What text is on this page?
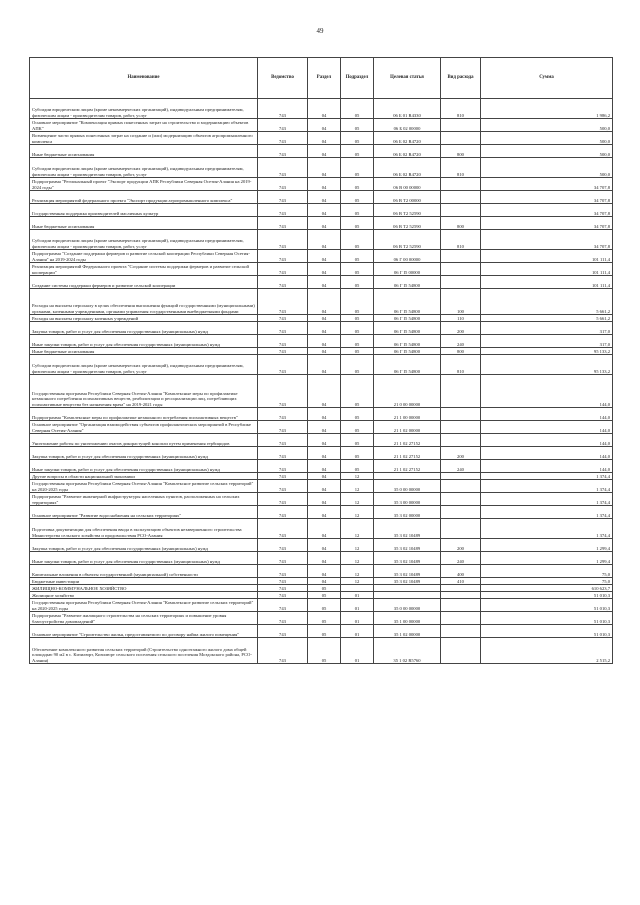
49
Наименование	Ведомство	Раздел	Подраздел	Целевая статья	Вид расхода	Сумма
Субсидии юридическим лицам (кроме некоммерческих организаций), индивидуальным предпринимателям, физическим лицам - производителям товаров, работ, услуг	743	04	05	06 Б 01 R4330	810	1 986,2
Основное мероприятие "Компенсация прямых понесенных затрат на строительство и модернизацию объектов АПК"	743	04	05	06 Б 02 00000		500,0
Возмещение части прямых понесенных затрат на создание и (или) модернизацию объектов агропромышленного комплекса	743	04	05	06 Б 02 R4720		500,0
Иные бюджетные ассигнования	743	04	05	06 Б 02 R4720	800	500,0
Субсидии юридическим лицам (кроме некоммерческих организаций), индивидуальным предпринимателям, физическим лицам - производителям товаров, работ, услуг	743	04	05	06 Б 02 R4720	810	500,0
Подпрограмма "Региональный проект "Экспорт продукции АПК Республики Северная Осетия-Алания на 2019-2024 годы"	743	04	05	06 В 00 00000		34 707,8
Реализация мероприятий федерального проекта "Экспорт продукции агропромышленного комплекса"	743	04	05	06 В T2 00000		34 707,8
Государственная поддержка производителей масличных культур	743	04	05	06 В T2 52590		34 707,8
Иные бюджетные ассигнования	743	04	05	06 В T2 52590	800	34 707,8
Субсидии юридическим лицам (кроме некоммерческих организаций), индивидуальным предпринимателям, физическим лицам - производителям товаров, работ, услуг	743	04	05	06 В T2 52590	810	34 707,8
Подпрограмма "Создание поддержки фермеров и развитие сельской кооперации Республики Северная Осетия-Алания" на 2019-2024 годы	743	04	05	06 Г 00 00000		101 111,4
Реализация мероприятий Федерального проекта "Создание системы поддержки фермеров и развитие сельской кооперации"	743	04	05	06 Г I5 00000		101 111,4
Создание системы поддержки фермеров и развитие сельской кооперации	743	04	05	06 Г I5 54800		101 111,4
Расходы на выплаты персоналу в целях обеспечения выполнения функций государственными (муниципальными) органами, казенными учреждениями, органами управления государственными внебюджетными фондами	743	04	05	06 Г I5 54800	100	5 661,2
Расходы на выплаты персоналу казенных учреждений	743	04	05	06 Г I5 54800	110	5 661,2
Закупка товаров, работ и услуг для обеспечения государственных (муниципальных) нужд	743	04	05	06 Г I5 54800	200	317,0
Иные закупки товаров, работ и услуг для обеспечения государственных (муниципальных) нужд	743	04	05	06 Г I5 54800	240	317,0
Иные бюджетные ассигнования	743	04	05	06 Г I5 54800	800	95 133,2
Субсидии юридическим лицам (кроме некоммерческих организаций), индивидуальным предпринимателям, физическим лицам - производителям товаров, работ, услуг	743	04	05	06 Г I5 54800	810	95 133,2
Государственная программа Республики Северная Осетия-Алания "Комплексные меры по профилактике незаконного потребления психоактивных веществ, реабилитации и ресоциализации лиц, потребляющих психоактивные вещества без назначения врача" на 2019-2021 годы	743	04	05	21 0 00 00000		144,0
Подпрограмма "Комплексные меры по профилактике незаконного потребления психоактивных веществ"	743	04	05	21 1 00 00000		144,0
Основное мероприятие "Организация взаимодействия субъектов профилактических мероприятий в Республике Северная Осетия-Алания"	743	04	05	21 1 02 00000		144,0
Уничтожение работы по уничтожению очагов дикорастущей конопли путем применения гербицидов	743	04	05	21 1 02 27152		144,0
Закупка товаров, работ и услуг для обеспечения государственных (муниципальных) нужд	743	04	05	21 1 02 27152	200	144,0
Иные закупки товаров, работ и услуг для обеспечения государственных (муниципальных) нужд	743	04	05	21 1 02 27152	240	144,0
Другие вопросы в области национальной экономики	743	04	12			1 374,4
Государственная программа Республики Северная Осетия-Алания "Комплексное развитие сельских территорий" на 2020-2025 годы	743	04	12	35 0 00 00000		1 374,4
Подпрограмма "Развитие инженерной инфраструктуры населенных пунктов, расположенных на сельских территориях"	743	04	12	35 3 00 00000		1 374,4
Основное мероприятие "Развитие водоснабжения на сельских территориях"	743	04	12	35 3 02 00000		1 374,4
Подготовка документации для обеспечения ввода в эксплуатацию объектов незавершенного строительства Министерства сельского хозяйства и продовольствия РСО-Алания	743	04	12	35 3 02 10489		1 374,4
Закупка товаров, работ и услуг для обеспечения государственных (муниципальных) нужд	743	04	12	35 3 02 10489	200	1 299,4
Иные закупки товаров, работ и услуг для обеспечения государственных (муниципальных) нужд	743	04	12	35 3 02 10489	240	1 299,4
Капитальные вложения в объекты государственной (муниципальной) собственности	743	04	12	35 3 02 10489	400	75,0
Бюджетные инвестиции	743	04	12	35 3 02 10489	410	75,0
ЖИЛИЩНО-КОММУНАЛЬНОЕ ХОЗЯЙСТВО	743	05				610 623,7
Жилищное хозяйство	743	05	01			51 010,3
Государственная программа Республики Северная Осетия-Алания "Комплексное развитие сельских территорий" на 2020-2025 годы	743	05	01	35 0 00 00000		51 010,3
Подпрограмма "Развитие жилищного строительства на сельских территориях и повышение уровня благоустройства домовладений"	743	05	01	35 1 00 00000		51 010,3
Основное мероприятие "Строительство жилья, предоставляемого по договору найма жилого помещения"	743	05	01	35 1 02 00000		51 010,3
Обеспечение комплексного развития сельских территорий (Строительство одноэтажного жилого дома общей площадью 90 м2 в с. Кизилюрт, Кизилюрт сельского поселения сельского поселения Моздокского района, РСО-Алания)	743	05	01	35 1 02 R5760		2 515,2
